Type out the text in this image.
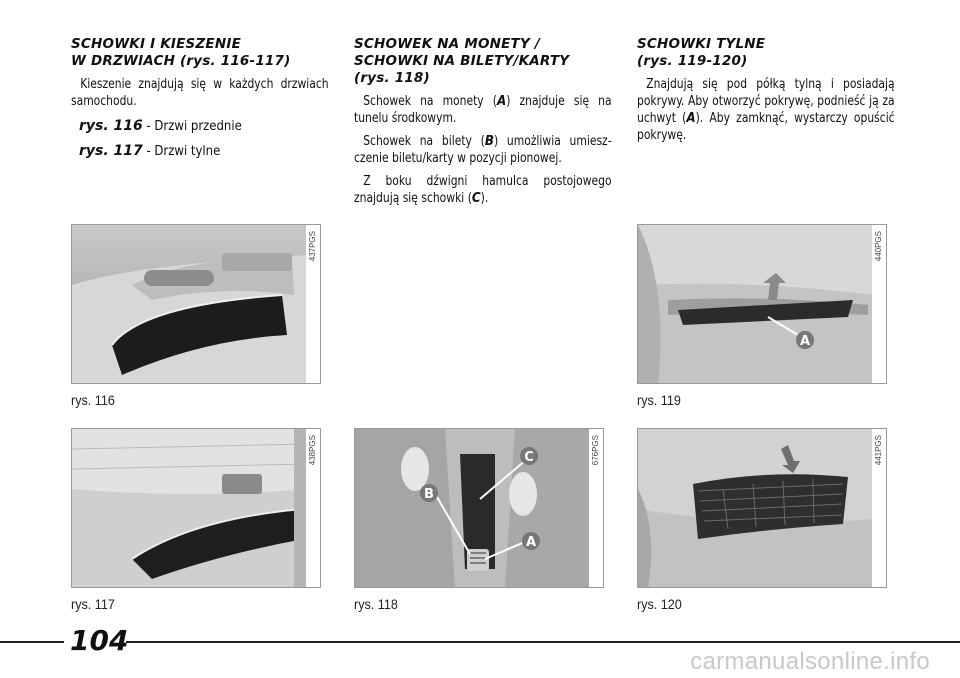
SCHOWKI I KIESZENIE
W DRZWIACH (rys. 116-117)

Kieszenie znajdują się w każdych drzwiach samochodu.

rys. 116 - Drzwi przednie
rys. 117 - Drzwi tylne
SCHOWEK NA MONETY /
SCHOWKI NA BILETY/KARTY
(rys. 118)

Schowek na monety (A) znajduje się na tunelu środkowym.

Schowek na bilety (B) umożliwia umiesz-czenie biletu/karty w pozycji pionowej.

Z boku dźwigni hamulca postojowego znajdują się schowki (C).

SCHOWKI TYLNE
(rys. 119-120)

Znajdują się pod półką tylną i posiadają pokrywy. Aby otworzyć pokrywę, podnieść ją za uchwyt (A). Aby zamknąć, wystarczy opuścić pokrywę.

437PGS
rys. 116
438PGS
rys. 117
C
B
A
676PGS
rys. 118
A
440PGS
rys. 119
441PGS
rys. 120
104
carmanualsonline.info
